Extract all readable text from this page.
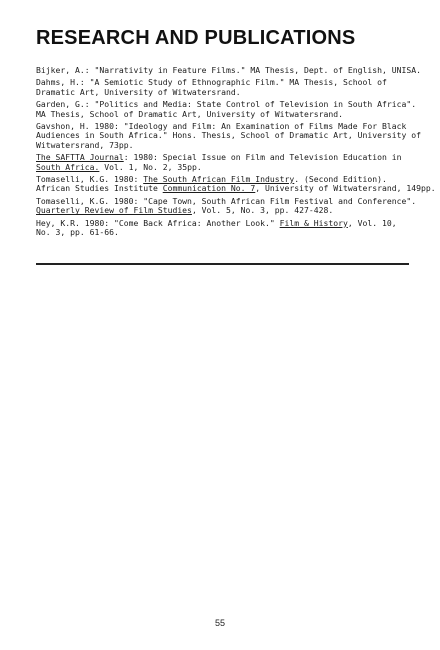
RESEARCH AND PUBLICATIONS
Bijker, A.: "Narrativity in Feature Films." MA Thesis, Dept. of English, UNISA.
Dahms, H.: "A Semiotic Study of Ethnographic Film." MA Thesis, School of
Dramatic Art, University of Witwatersrand.
Garden, G.: "Politics and Media: State Control of Television in South Africa".
MA Thesis, School of Dramatic Art, University of Witwatersrand.
Gavshon, H. 1980: "Ideology and Film: An Examination of Films Made For Black
Audiences in South Africa." Hons. Thesis, School of Dramatic Art, University of
Witwatersrand, 73pp.
The SAFTTA Journal: 1980: Special Issue on Film and Television Education in
South Africa. Vol. 1, No. 2, 35pp.
Tomaselli, K.G. 1980: The South African Film Industry. (Second Edition).
African Studies Institute Communication No. 7, University of Witwatersrand, 149pp.
Tomaselli, K.G. 1980: "Cape Town, South African Film Festival and Conference".
Quarterly Review of Film Studies, Vol. 5, No. 3, pp. 427-428.
Hey, K.R. 1980: "Come Back Africa: Another Look." Film & History, Vol. 10,
No. 3, pp. 61-66.
55
